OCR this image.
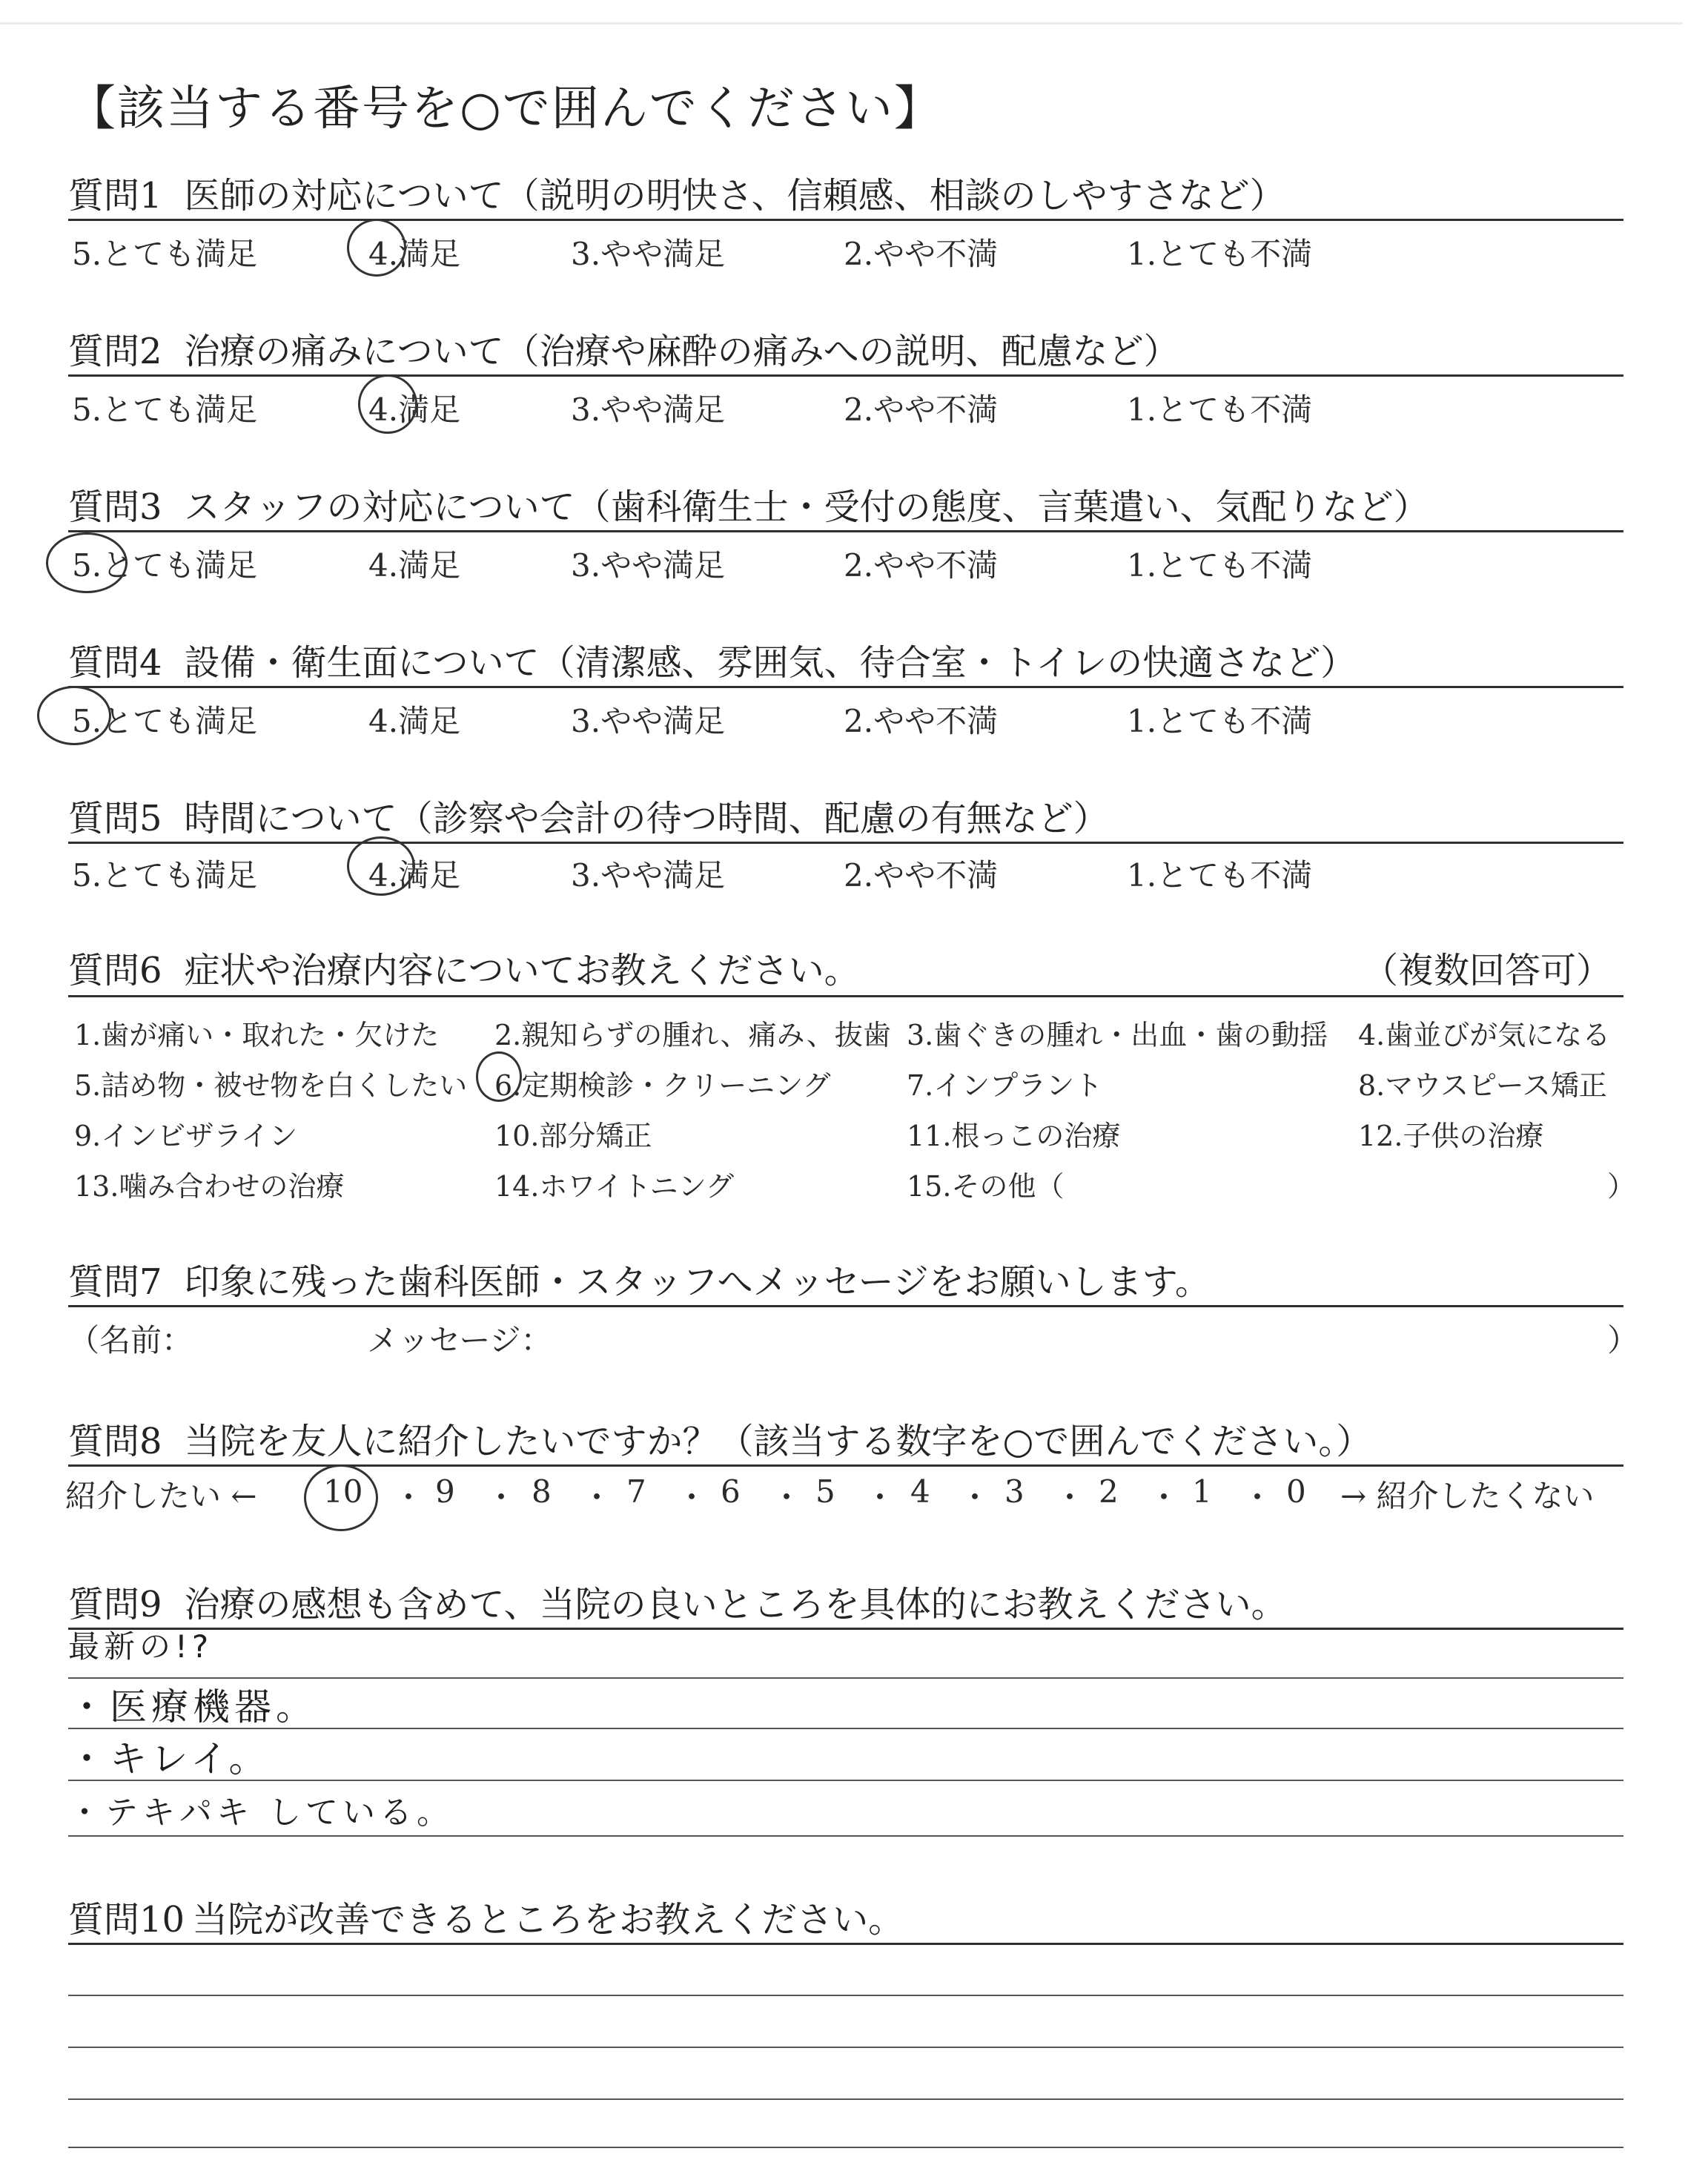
【該当する番号を○で囲んでください】
質問1 医師の対応について（説明の明快さ、信頼感、相談のしやすさなど）
5.とても満足	4.満足	3.やや満足	2.やや不満	1.とても不満
質問2 治療の痛みについて（治療や麻酔の痛みへの説明、配慮など）
5.とても満足	4.満足	3.やや満足	2.やや不満	1.とても不満
質問3 スタッフの対応について（歯科衛生士・受付の態度、言葉遣い、気配りなど）
5.とても満足	4.満足	3.やや満足	2.やや不満	1.とても不満
質問4 設備・衛生面について（清潔感、雰囲気、待合室・トイレの快適さなど）
5.とても満足	4.満足	3.やや満足	2.やや不満	1.とても不満
質問5 時間について（診察や会計の待つ時間、配慮の有無など）
5.とても満足	4.満足	3.やや満足	2.やや不満	1.とても不満
質問6 症状や治療内容についてお教えください。	（複数回答可）
1.歯が痛い・取れた・欠けた 2.親知らずの腫れ、痛み、抜歯 3.歯ぐきの腫れ・出血・歯の動揺 4.歯並びが気になる
5.詰め物・被せ物を白くしたい 6.定期検診・クリーニング	7.インプラント	8.マウスピース矯正
9.インビザライン	10.部分矯正	11.根っこの治療	12.子供の治療
13.噛み合わせの治療	14.ホワイトニング	15.その他（	）
質問7 印象に残った歯科医師・スタッフへメッセージをお願いします。
（名前：	メッセージ：	）
質問8 当院を友人に紹介したいですか？（該当する数字を○で囲んでください。）
紹介したい ←	→ 紹介したくない
10 ・ 9 ・ 8 ・ 7 ・ 6 ・ 5 ・ 4 ・ 3 ・ 2 ・ 1 ・ 0
質問9 治療の感想も含めて、当院の良いところを具体的にお教えください。
最新の!?
・医療機器。
・キレイ。
・テキパキ している。
質問10 当院が改善できるところをお教えください。
